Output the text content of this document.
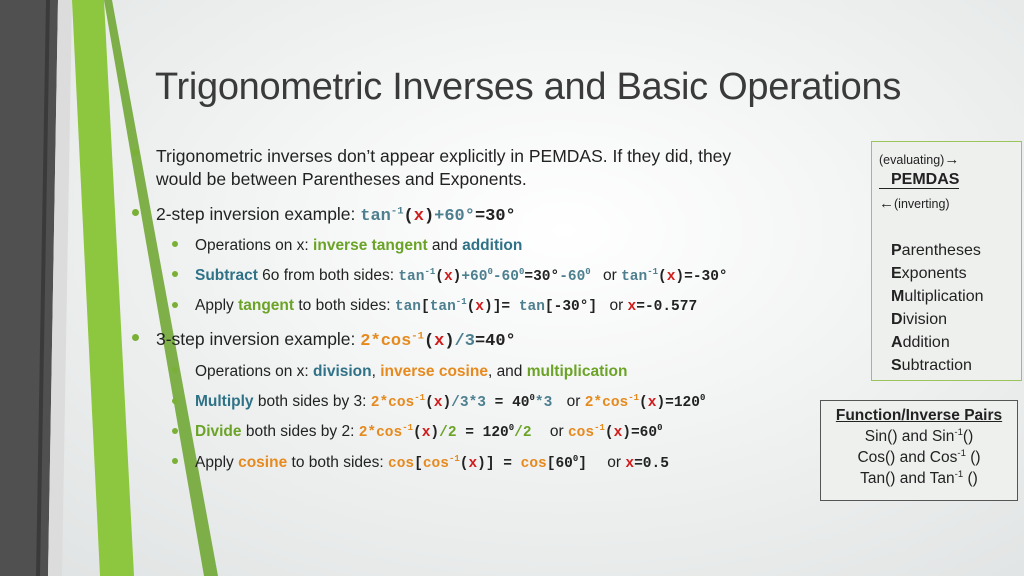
Trigonometric Inverses and Basic Operations
Trigonometric inverses don’t appear explicitly in PEMDAS. If they did, they
would be between Parentheses and Exponents.
2-step inversion example: $\tan^{-1}(x)+60^\circ=30^\circ$
Operations on x: inverse tangent and addition
Subtract 6o from both sides: $\tan^{-1}(x)+60^0-60^0=30^\circ-60^0$ or $\tan^{-1}(x)=-30^\circ$
Apply tangent to both sides: $\tan[\tan^{-1}(x)]= \tan[-30^\circ]$ or x=-0.577
3-step inversion example: $2*\cos^{-1}(x)/3=40^\circ$
Operations on x: division, inverse cosine, and multiplication
Multiply both sides by 3: $2*\cos^{-1}(x)/3*3 = 40^0*3$ or $2*\cos^{-1}(x)=120^0$
Divide both sides by 2: $2*\cos^{-1}(x)/2 = 120^0/2$ or $\cos^{-1}(x)=60^0$
Apply cosine to both sides: $\cos[\cos^{-1}(x)] = \cos[60^0]$ or x=0.5
(evaluating)→
PEMDAS
←(inverting)
Parentheses
Exponents
Multiplication
Division
Addition
Subtraction
Function/Inverse Pairs
Sin() and Sin$^{-1}$()
Cos() and Cos$^{-1}$ ()
Tan() and Tan$^{-1}$ ()
